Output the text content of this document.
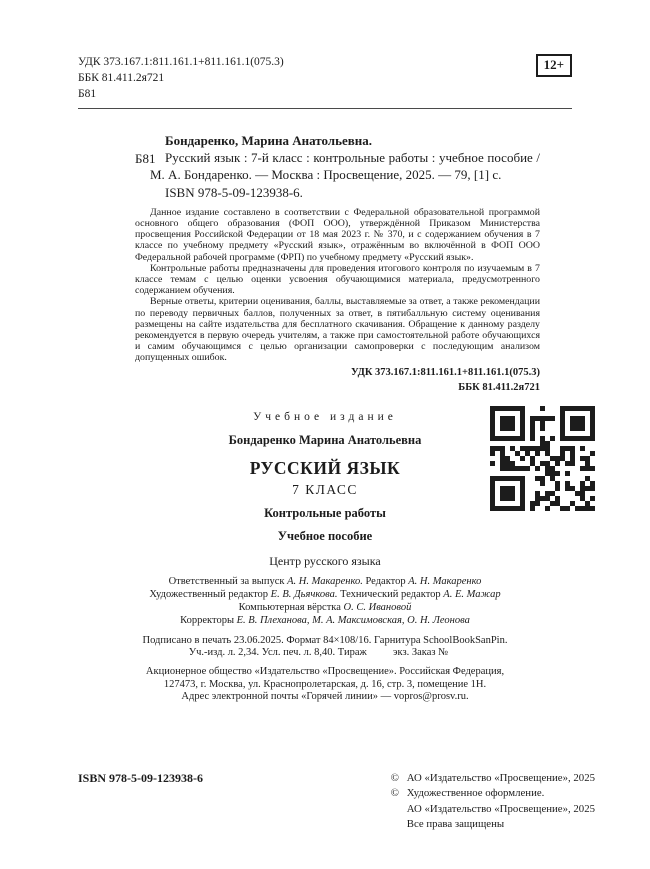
УДК 373.167.1:811.161.1+811.161.1(075.3)
ББК 81.411.2я721
Б81
12+

Бондаренко, Марина Анатольевна.

Б81 Русский язык : 7-й класс : контрольные работы : учебное пособие / М. А. Бондаренко. — Москва : Просвещение, 2025. — 79, [1] с.

ISBN 978-5-09-123938-6.

Данное издание составлено в соответствии с Федеральной образовательной программой основного общего образования (ФОП ООО), утверждённой Приказом Министерства просвещения Российской Федерации от 18 мая 2023 г. № 370, и с содержанием обучения в 7 классе по учебному предмету «Русский язык», отражённым во включённой в ФОП ООО Федеральной рабочей программе (ФРП) по учебному предмету «Русский язык».

Контрольные работы предназначены для проведения итогового контроля по изучаемым в 7 классе темам с целью оценки усвоения обучающимися материала, предусмотренного содержанием обучения.

Верные ответы, критерии оценивания, баллы, выставляемые за ответ, а также рекомендации по переводу первичных баллов, полученных за ответ, в пятибалльную систему оценивания размещены на сайте издательства для бесплатного скачивания. Обращение к данному разделу рекомендуется в первую очередь учителям, а также при самостоятельной работе обучающихся и самим обучающимся с целью организации самопроверки с последующим анализом допущенных ошибок.

УДК 373.167.1:811.161.1+811.161.1(075.3)
ББК 81.411.2я721
Учебное издание
Бондаренко Марина Анатольевна
РУССКИЙ ЯЗЫК
7 КЛАСС
Контрольные работы
Учебное пособие
Центр русского языка
Ответственный за выпуск А. Н. Макаренко. Редактор А. Н. Макаренко
Художественный редактор Е. В. Дьячкова. Технический редактор А. Е. Мажар
Компьютерная вёрстка О. С. Ивановой
Корректоры Е. В. Плеханова, М. А. Максимовская, О. Н. Леонова
Подписано в печать 23.06.2025. Формат 84×108/16. Гарнитура SchoolBookSanPin.
Уч.-изд. л. 2,34. Усл. печ. л. 8,40. Тираж          экз. Заказ №
Акционерное общество «Издательство «Просвещение». Российская Федерация,
127473, г. Москва, ул. Краснопролетарская, д. 16, стр. 3, помещение 1Н.
Адрес электронной почты «Горячей линии» — vopros@prosv.ru.
ISBN 978-5-09-123938-6	© АО «Издательство «Просвещение», 2025
© Художественное оформление.
АО «Издательство «Просвещение», 2025
Все права защищены
